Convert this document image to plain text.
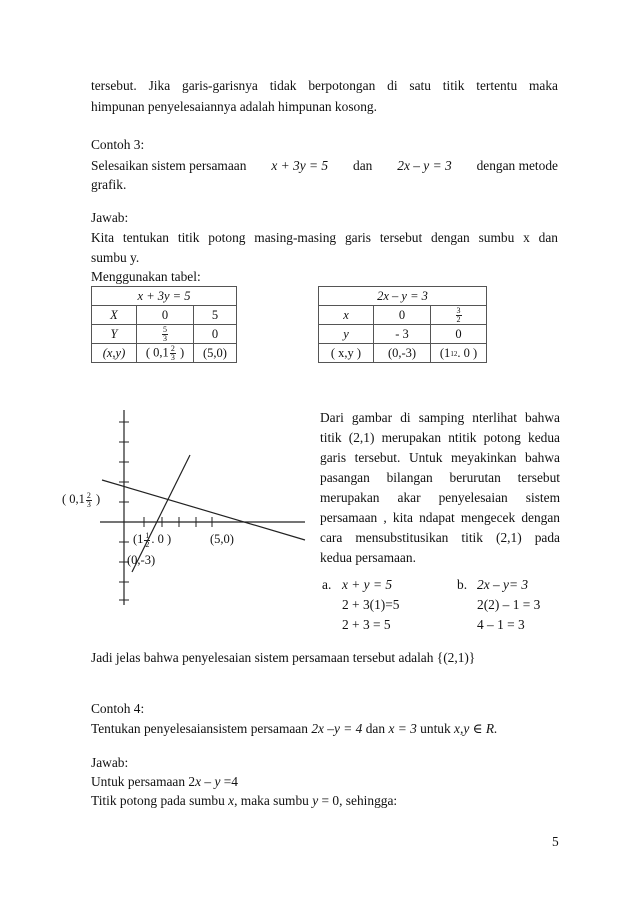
tersebut. Jika garis-garisnya tidak berpotongan di satu titik tertentu maka
himpunan penyelesaiannya adalah himpunan kosong.
Contoh 3:
Selesaikan sistem persamaan x + 3y = 5 dan 2x – y = 3 dengan metode
grafik.
Jawab:
Kita tentukan titik potong masing-masing garis tersebut dengan sumbu x dan
sumbu y.
Menggunakan tabel:
x + 3y = 5		
X	0	5
Y	$\frac{5}{3}$	0
(x,y)	( $0,1 \frac{2}{3}$ )	(5,0)
2x – y = 3		
x	0	$\frac{3}{2}$

y	- 3	0
( x,y )	(0,-3)	(112. 0 )
( $0,1 \frac{2}{3}$ )
($1 \frac{1}{2}$ . 0 )	(5,0)
(0,-3)
Dari gambar di samping nterlihat bahwa
titik (2,1) merupakan ntitik potong kedua
garis tersebut. Untuk meyakinkan bahwa
pasangan bilangan berurutan tersebut
merupakan akar penyelesaian sistem
persamaan , kita ndapat mengecek dengan
cara mensubstitusikan titik (2,1) pada
kedua persamaan.
a. x + y = 5
2 + 3(1)=5
2 + 3 = 5
b. 2x – y= 3
2(2) – 1 = 3
4 – 1 = 3
Jadi jelas bahwa penyelesaian sistem persamaan tersebut adalah {(2,1)}
Contoh 4:
Tentukan penyelesaiansistem persamaan 2x –y = 4 dan x = 3 untuk x,y ∈ R.
Jawab:
Untuk persamaan 2x – y =4
Titik potong pada sumbu x, maka sumbu y = 0, sehingga:
5
